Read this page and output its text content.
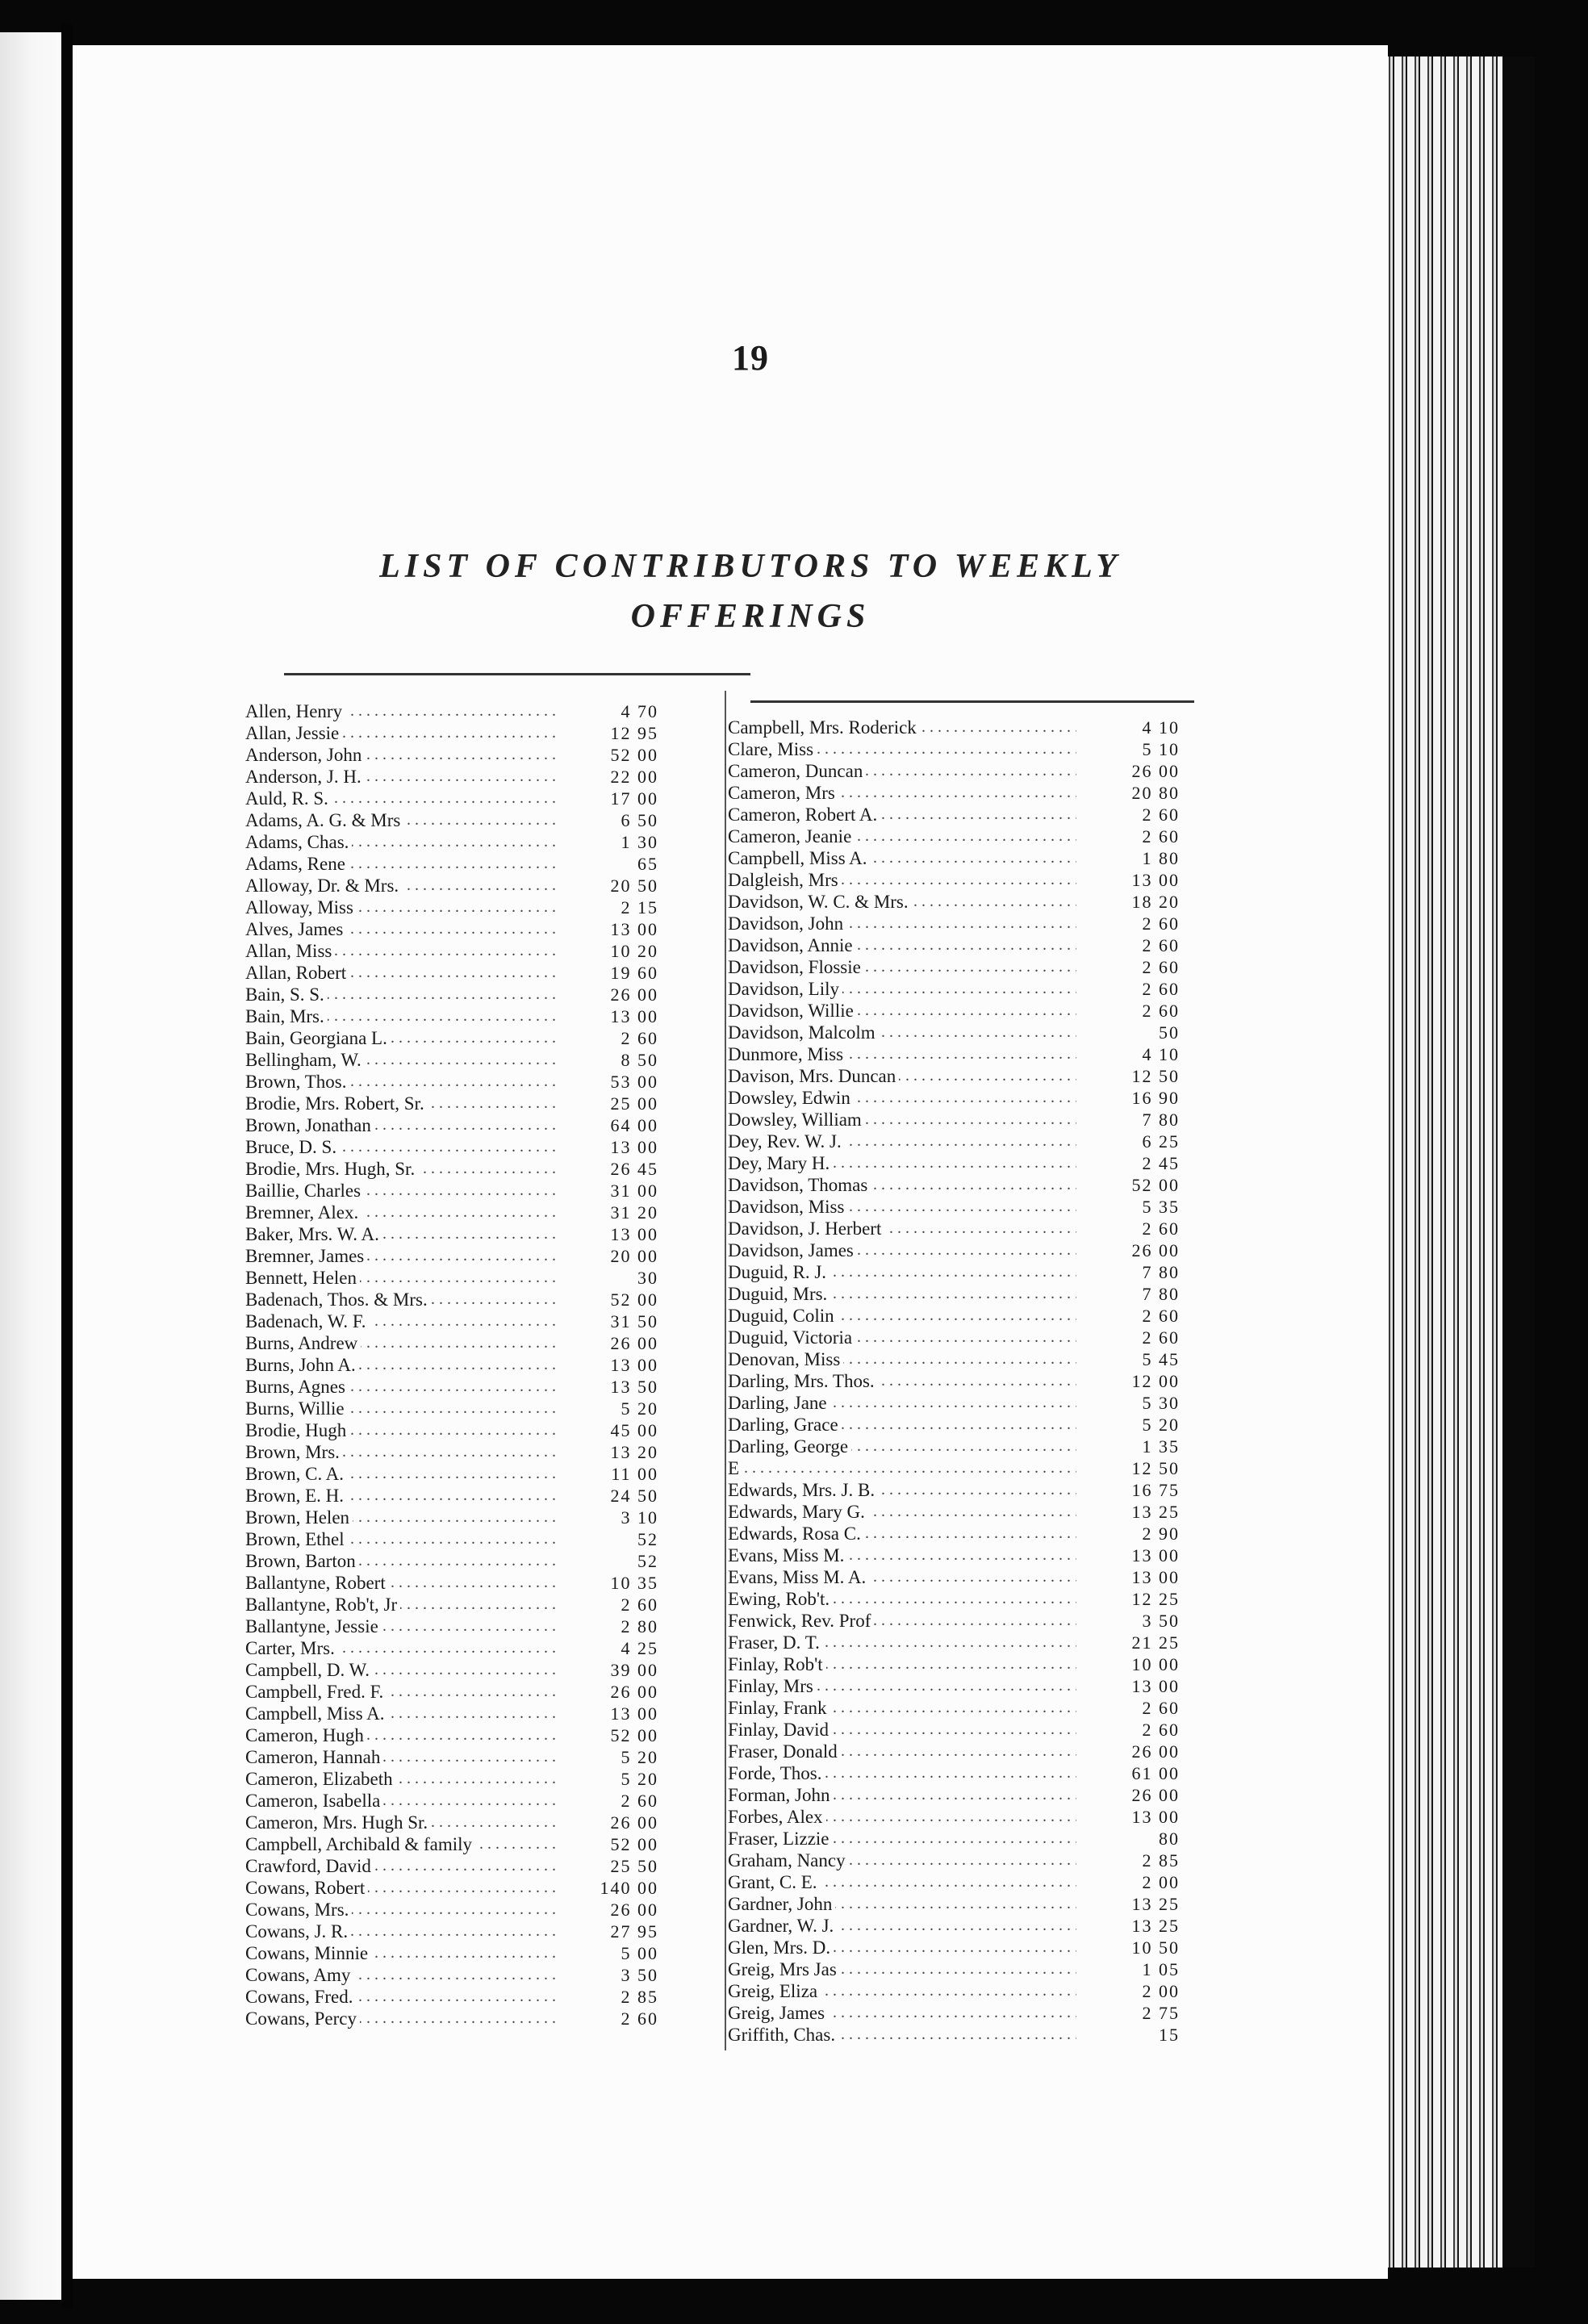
19
LIST OF CONTRIBUTORS TO WEEKLY
OFFERINGS
Allen, Henry . . .	4 70
Allan, Jessie . . .	12 95
Anderson, John . . .	52 00
Anderson, J. H. . . .	22 00
Auld, R. S. . . .	17 00
Adams, A. G. & Mrs . . .	6 50
Adams, Chas. . . .	1 30
Adams, Rene . . .	65
Alloway, Dr. & Mrs. . . .	20 50
Alloway, Miss . . .	2 15
Alves, James . . .	13 00
Allan, Miss . . .	10 20
Allan, Robert . . .	19 60
Bain, S. S. . . .	26 00
Bain, Mrs. . . .	13 00
Bain, Georgiana L. . . .	2 60
Bellingham, W. . . .	8 50
Brown, Thos. . . .	53 00
Brodie, Mrs. Robert, Sr. . . .	25 00
Brown, Jonathan . . .	64 00
Bruce, D. S. . . .	13 00
Brodie, Mrs. Hugh, Sr. . . .	26 45
Baillie, Charles . . .	31 00
Bremner, Alex. . . .	31 20
Baker, Mrs. W. A. . . .	13 00
Bremner, James . . .	20 00
Bennett, Helen . . .	30
Badenach, Thos. & Mrs. . . .	52 00
Badenach, W. F. . . .	31 50
Burns, Andrew . . .	26 00
Burns, John A. . . .	13 00
Burns, Agnes . . .	13 50
Burns, Willie . . .	5 20
Brodie, Hugh . . .	45 00
Brown, Mrs. . . .	13 20
Brown, C. A. . . .	11 00
Brown, E. H. . . .	24 50
Brown, Helen . . .	3 10
Brown, Ethel . . .	52
Brown, Barton . . .	52
Ballantyne, Robert . . .	10 35
Ballantyne, Rob't, Jr . . .	2 60
Ballantyne, Jessie . . .	2 80
Carter, Mrs. . . .	4 25
Campbell, D. W. . . .	39 00
Campbell, Fred. F. . . .	26 00
Campbell, Miss A. . . .	13 00
Cameron, Hugh . . .	52 00
Cameron, Hannah . . .	5 20
Cameron, Elizabeth . . .	5 20
Cameron, Isabella . . .	2 60
Cameron, Mrs. Hugh Sr. . . .	26 00
Campbell, Archibald & family . . .	52 00
Crawford, David . . .	25 50
Cowans, Robert . . .	140 00
Cowans, Mrs. . . .	26 00
Cowans, J. R. . . .	27 95
Cowans, Minnie . . .	5 00
Cowans, Amy . . .	3 50
Cowans, Fred. . . .	2 85
Cowans, Percy . . .	2 60
Campbell, Mrs. Roderick . . .	4 10
Clare, Miss . . .	5 10
Cameron, Duncan . . .	26 00
Cameron, Mrs . . .	20 80
Cameron, Robert A. . . .	2 60
Cameron, Jeanie . . .	2 60
Campbell, Miss A. . . .	1 80
Dalgleish, Mrs . . .	13 00
Davidson, W. C. & Mrs. . . .	18 20
Davidson, John . . .	2 60
Davidson, Annie . . .	2 60
Davidson, Flossie . . .	2 60
Davidson, Lily . . .	2 60
Davidson, Willie . . .	2 60
Davidson, Malcolm . . .	50
Dunmore, Miss . . .	4 10
Davison, Mrs. Duncan . . .	12 50
Dowsley, Edwin . . .	16 90
Dowsley, William . . .	7 80
Dey, Rev. W. J. . . .	6 25
Dey, Mary H. . . .	2 45
Davidson, Thomas . . .	52 00
Davidson, Miss . . .	5 35
Davidson, J. Herbert . . .	2 60
Davidson, James . . .	26 00
Duguid, R. J. . . .	7 80
Duguid, Mrs. . . .	7 80
Duguid, Colin . . .	2 60
Duguid, Victoria . . .	2 60
Denovan, Miss . . .	5 45
Darling, Mrs. Thos. . . .	12 00
Darling, Jane . . .	5 30
Darling, Grace . . .	5 20
Darling, George . . .	1 35
E . . .	12 50
Edwards, Mrs. J. B. . . .	16 75
Edwards, Mary G. . . .	13 25
Edwards, Rosa C. . . .	2 90
Evans, Miss M. . . .	13 00
Evans, Miss M. A. . . .	13 00
Ewing, Rob't. . . .	12 25
Fenwick, Rev. Prof . . .	3 50
Fraser, D. T. . . .	21 25
Finlay, Rob't . . .	10 00
Finlay, Mrs . . .	13 00
Finlay, Frank . . .	2 60
Finlay, David . . .	2 60
Fraser, Donald . . .	26 00
Forde, Thos. . . .	61 00
Forman, John . . .	26 00
Forbes, Alex . . .	13 00
Fraser, Lizzie . . .	80
Graham, Nancy . . .	2 85
Grant, C. E. . . .	2 00
Gardner, John . . .	13 25
Gardner, W. J. . . .	13 25
Glen, Mrs. D. . . .	10 50
Greig, Mrs Jas . . .	1 05
Greig, Eliza . . .	2 00
Greig, James . . .	2 75
Griffith, Chas. . . .	15
